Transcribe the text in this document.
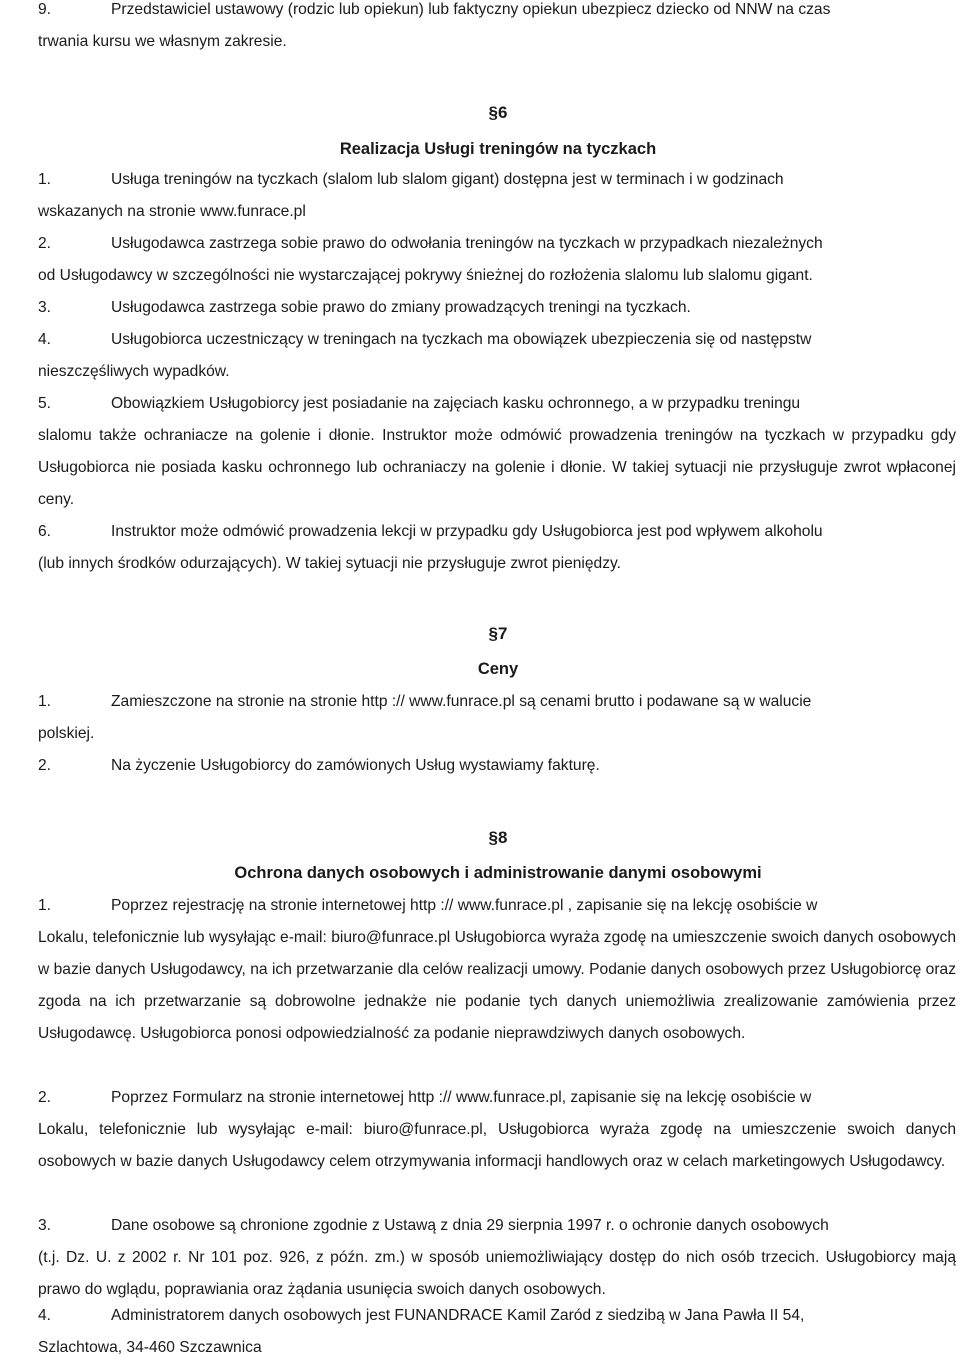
9.	Przedstawiciel ustawowy (rodzic lub opiekun) lub faktyczny opiekun ubezpiecz dziecko od NNW na czas
trwania kursu we własnym zakresie.
§6
Realizacja Usługi treningów na tyczkach
1.	Usługa treningów na tyczkach (slalom lub slalom gigant) dostępna jest w terminach i w godzinach
wskazanych na stronie www.funrace.pl
2.	Usługodawca zastrzega sobie prawo do odwołania treningów na tyczkach w przypadkach niezależnych
od Usługodawcy w szczególności nie wystarczającej pokrywy śnieżnej do rozłożenia slalomu lub slalomu gigant.
3.	Usługodawca zastrzega sobie prawo do zmiany prowadzących treningi na tyczkach.
4.	Usługobiorca uczestniczący w treningach na tyczkach ma obowiązek ubezpieczenia się od następstw
nieszczęśliwych wypadków.
5.	Obowiązkiem Usługobiorcy jest posiadanie na zajęciach kasku ochronnego, a w przypadku treningu
slalomu także ochraniacze na golenie i dłonie. Instruktor może odmówić prowadzenia treningów na tyczkach w przypadku gdy Usługobiorca nie posiada kasku ochronnego lub ochraniaczy na golenie i dłonie. W takiej sytuacji nie przysługuje zwrot wpłaconej ceny.
6.	Instruktor może odmówić prowadzenia lekcji w przypadku gdy Usługobiorca jest pod wpływem alkoholu
(lub innych środków odurzających). W takiej sytuacji nie przysługuje zwrot pieniędzy.
§7
Ceny
1.	Zamieszczone na stronie na stronie http :// www.funrace.pl są cenami brutto i podawane są w walucie
polskiej.
2.	Na życzenie Usługobiorcy do zamówionych Usług wystawiamy fakturę.
§8
Ochrona danych osobowych i administrowanie danymi osobowymi
1.	Poprzez rejestrację na stronie internetowej http :// www.funrace.pl , zapisanie się na lekcję osobiście w
Lokalu, telefonicznie lub wysyłając e-mail: biuro@funrace.pl Usługobiorca wyraża zgodę na umieszczenie swoich danych osobowych w bazie danych Usługodawcy, na ich przetwarzanie dla celów realizacji umowy. Podanie danych osobowych przez Usługobiorcę oraz zgoda na ich przetwarzanie są dobrowolne jednakże nie podanie tych danych uniemożliwia zrealizowanie zamówienia przez Usługodawcę. Usługobiorca ponosi odpowiedzialność za podanie nieprawdziwych danych osobowych.
2.	Poprzez Formularz na stronie internetowej http :// www.funrace.pl, zapisanie się na lekcję osobiście w
Lokalu, telefonicznie lub wysyłając e-mail: biuro@funrace.pl, Usługobiorca wyraża zgodę na umieszczenie swoich danych osobowych w bazie danych Usługodawcy celem otrzymywania informacji handlowych oraz w celach marketingowych Usługodawcy.
3.	Dane osobowe są chronione zgodnie z Ustawą z dnia 29 sierpnia 1997 r. o ochronie danych osobowych
(t.j. Dz. U. z 2002 r. Nr 101 poz. 926, z późn. zm.) w sposób uniemożliwiający dostęp do nich osób trzecich. Usługobiorcy mają prawo do wglądu, poprawiania oraz żądania usunięcia swoich danych osobowych.
4.	Administratorem danych osobowych jest FUNANDRACE Kamil Zaród z siedzibą w Jana Pawła II 54,
Szlachtowa, 34-460 Szczawnica
